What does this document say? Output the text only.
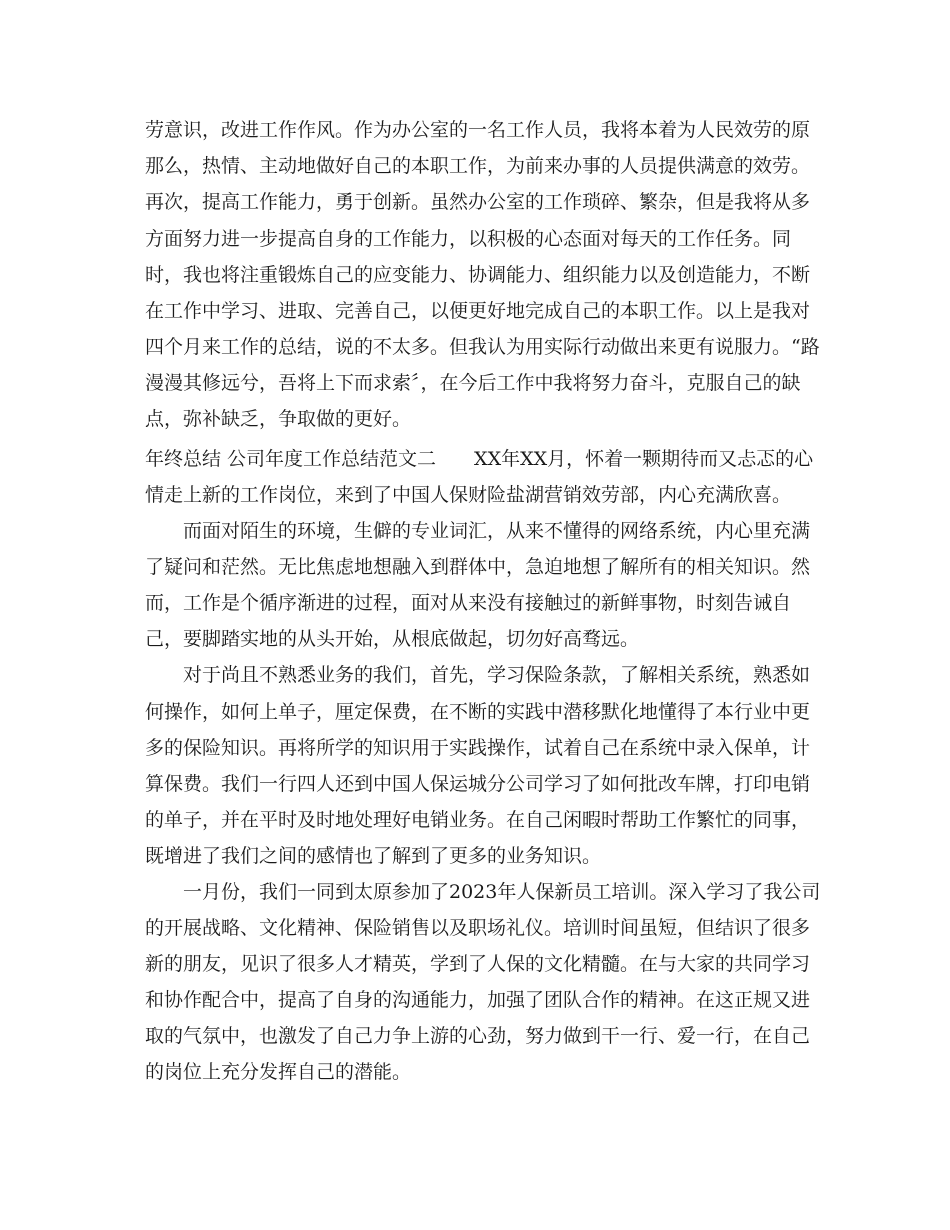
劳意识，改进工作作风。作为办公室的一名工作人员，我将本着为人民效劳的原

那么，热情、主动地做好自己的本职工作，为前来办事的人员提供满意的效劳。

再次，提高工作能力，勇于创新。虽然办公室的工作琐碎、繁杂，但是我将从多

方面努力进一步提高自身的工作能力，以积极的心态面对每天的工作任务。同

时，我也将注重锻炼自己的应变能力、协调能力、组织能力以及创造能力，不断

在工作中学习、进取、完善自己，以便更好地完成自己的本职工作。以上是我对

四个月来工作的总结，说的不太多。但我认为用实际行动做出来更有说服力。“路

漫漫其修远兮，吾将上下而求索〞，在今后工作中我将努力奋斗，克服自己的缺

点，弥补缺乏，争取做的更好。

年终总结 公司年度工作总结范文二　　XX年XX月，怀着一颗期待而又忐忑的心

情走上新的工作岗位，来到了中国人保财险盐湖营销效劳部，内心充满欣喜。

而面对陌生的环境，生僻的专业词汇，从来不懂得的网络系统，内心里充满

了疑问和茫然。无比焦虑地想融入到群体中，急迫地想了解所有的相关知识。然

而，工作是个循序渐进的过程，面对从来没有接触过的新鲜事物，时刻告诫自

己，要脚踏实地的从头开始，从根底做起，切勿好高骛远。

对于尚且不熟悉业务的我们，首先，学习保险条款，了解相关系统，熟悉如

何操作，如何上单子，厘定保费，在不断的实践中潜移默化地懂得了本行业中更

多的保险知识。再将所学的知识用于实践操作，试着自己在系统中录入保单，计

算保费。我们一行四人还到中国人保运城分公司学习了如何批改车牌，打印电销

的单子，并在平时及时地处理好电销业务。在自己闲暇时帮助工作繁忙的同事，

既增进了我们之间的感情也了解到了更多的业务知识。

一月份，我们一同到太原参加了2023年人保新员工培训。深入学习了我公司

的开展战略、文化精神、保险销售以及职场礼仪。培训时间虽短，但结识了很多

新的朋友，见识了很多人才精英，学到了人保的文化精髓。在与大家的共同学习

和协作配合中，提高了自身的沟通能力，加强了团队合作的精神。在这正规又进

取的气氛中，也激发了自己力争上游的心劲，努力做到干一行、爱一行，在自己

的岗位上充分发挥自己的潜能。
